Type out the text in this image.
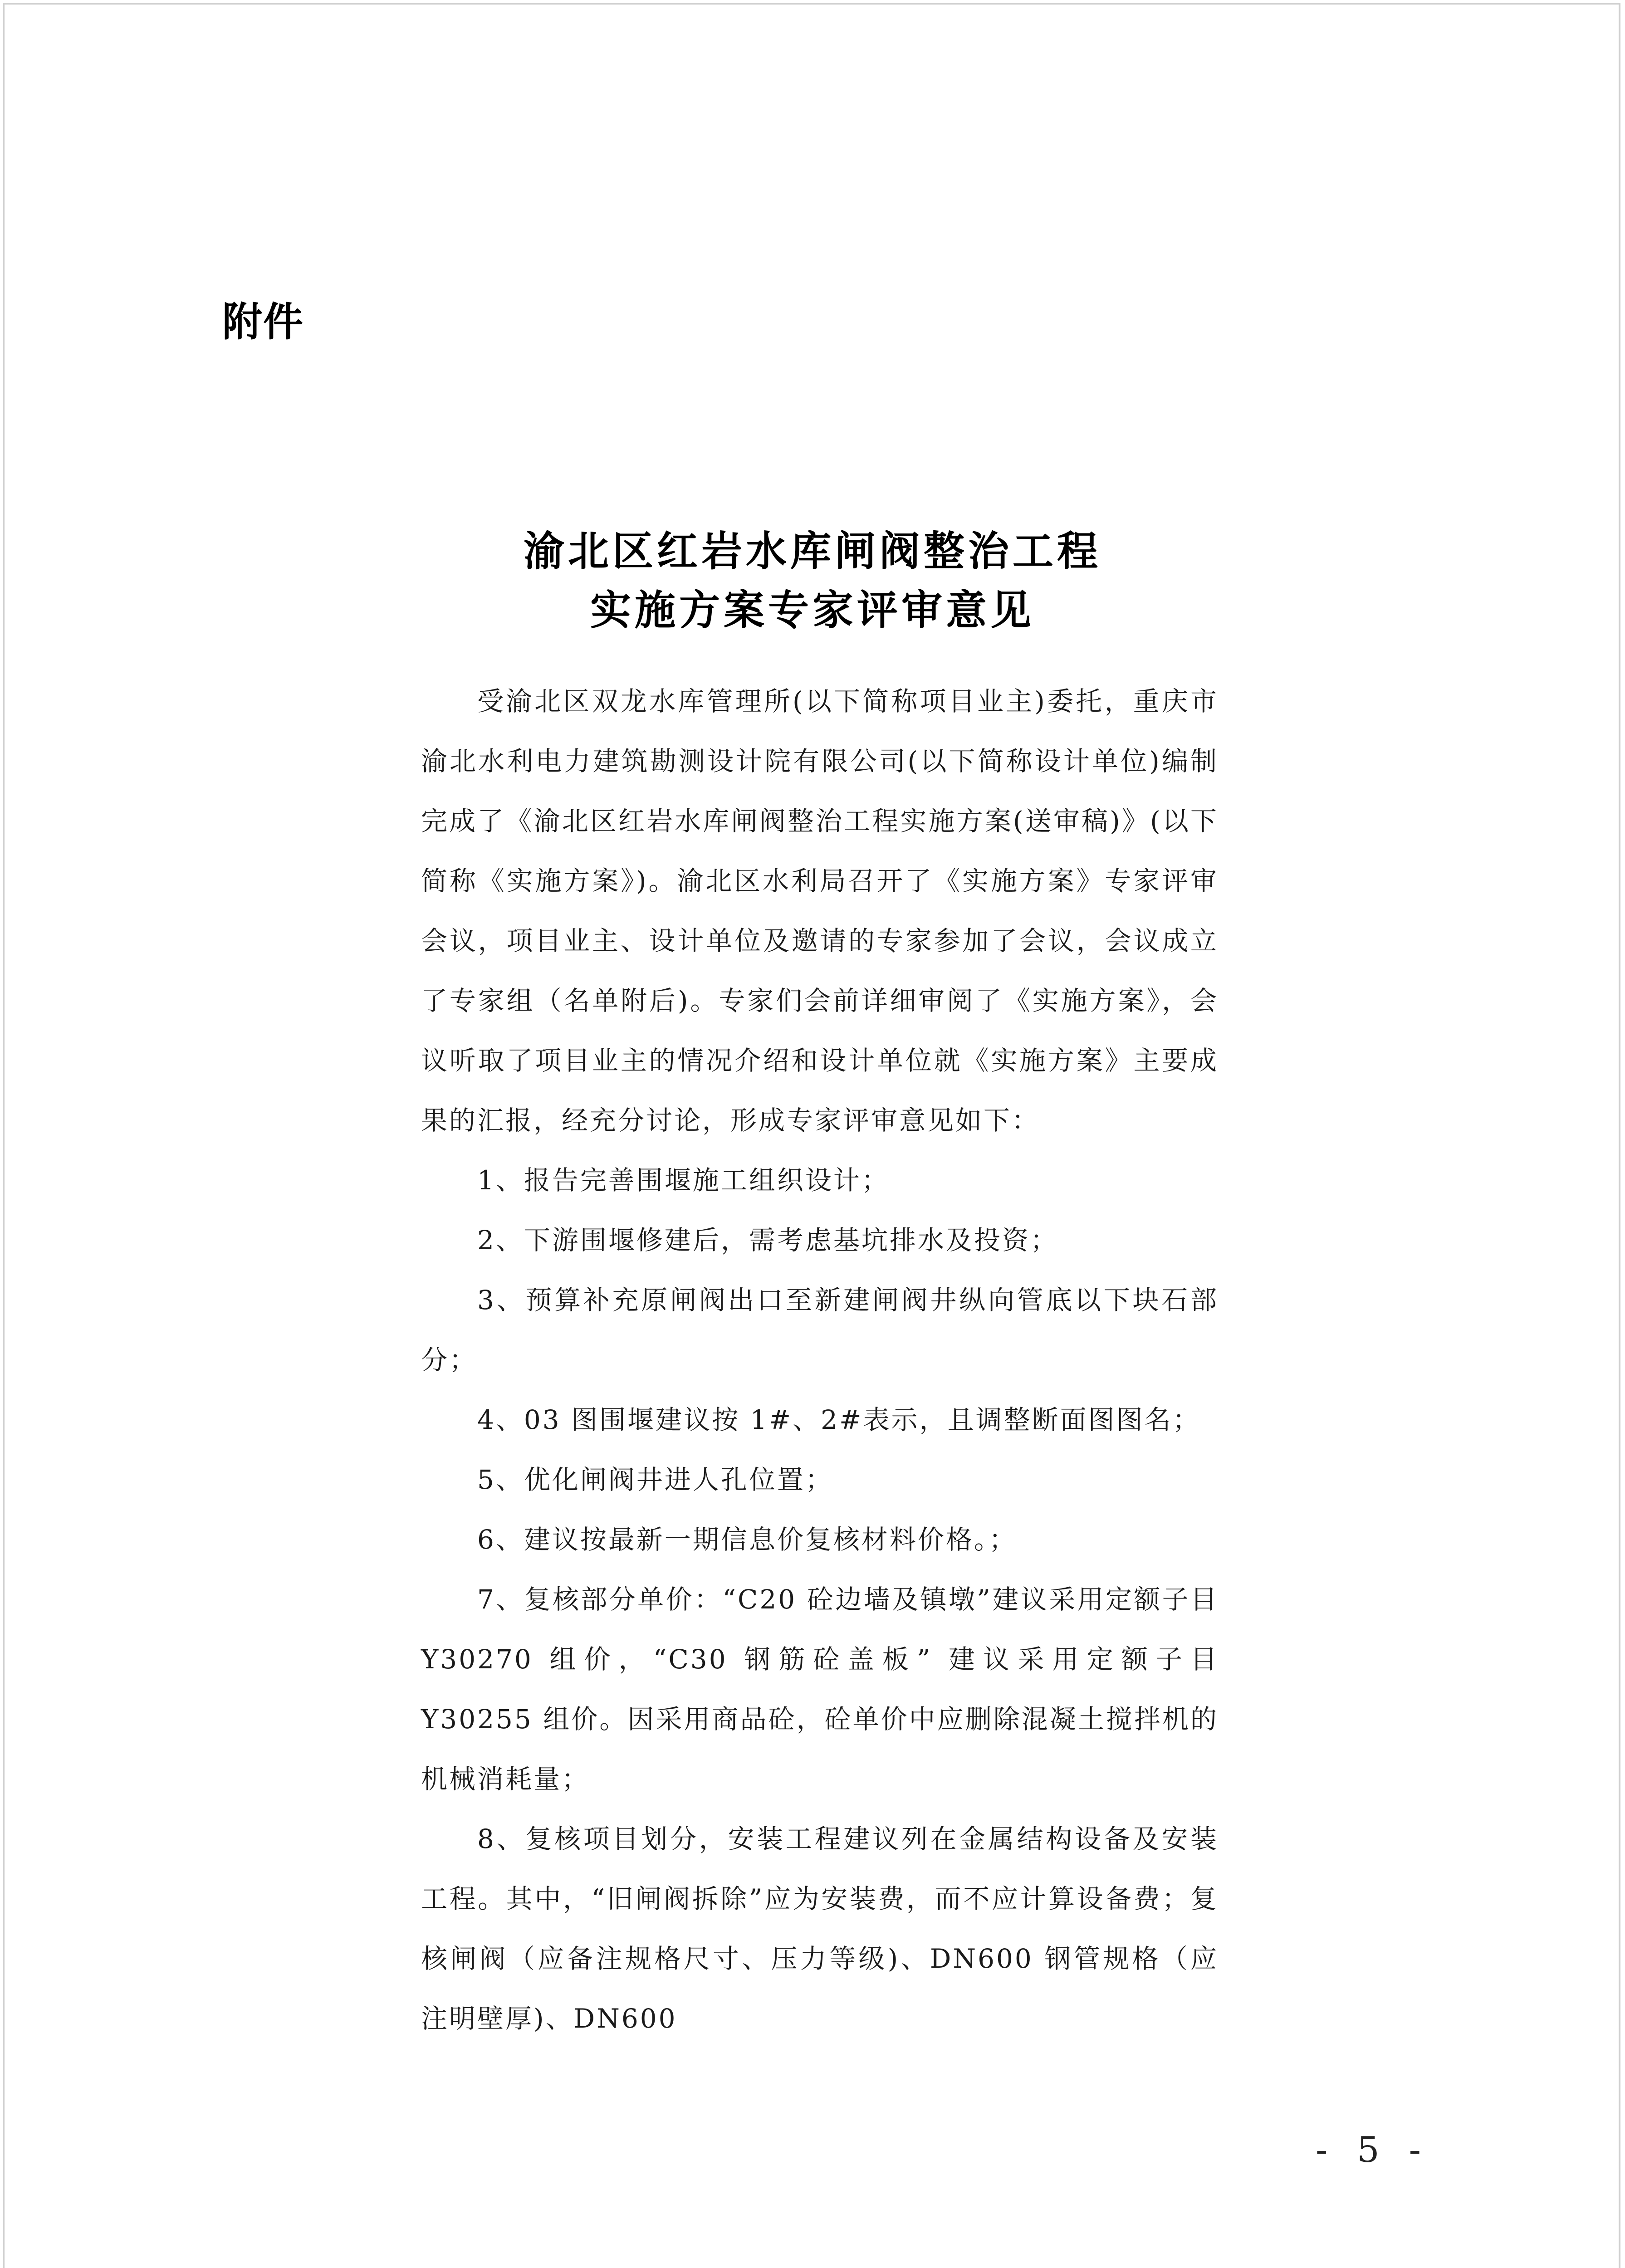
附件
渝北区红岩水库闸阀整治工程
实施方案专家评审意见

受渝北区双龙水库管理所(以下简称项目业主)委托，重庆市渝北水利电力建筑勘测设计院有限公司(以下简称设计单位)编制完成了《渝北区红岩水库闸阀整治工程实施方案(送审稿)》(以下简称《实施方案》)。渝北区水利局召开了《实施方案》专家评审会议，项目业主、设计单位及邀请的专家参加了会议，会议成立了专家组（名单附后)。专家们会前详细审阅了《实施方案》，会议听取了项目业主的情况介绍和设计单位就《实施方案》主要成果的汇报，经充分讨论，形成专家评审意见如下：

1、报告完善围堰施工组织设计；

2、下游围堰修建后，需考虑基坑排水及投资；

3、预算补充原闸阀出口至新建闸阀井纵向管底以下块石部分；

4、03 图围堰建议按 1#、2#表示，且调整断面图图名；

5、优化闸阀井进人孔位置；

6、建议按最新一期信息价复核材料价格。；

7、复核部分单价：“C20 砼边墙及镇墩”建议采用定额子目 Y30270 组价，“C30 钢筋砼盖板” 建议采用定额子目 Y30255 组价。因采用商品砼，砼单价中应删除混凝土搅拌机的机械消耗量；

8、复核项目划分，安装工程建议列在金属结构设备及安装工程。其中，“旧闸阀拆除”应为安装费，而不应计算设备费；复核闸阀（应备注规格尺寸、压力等级)、DN600 钢管规格（应注明壁厚)、DN600

- 5 -
